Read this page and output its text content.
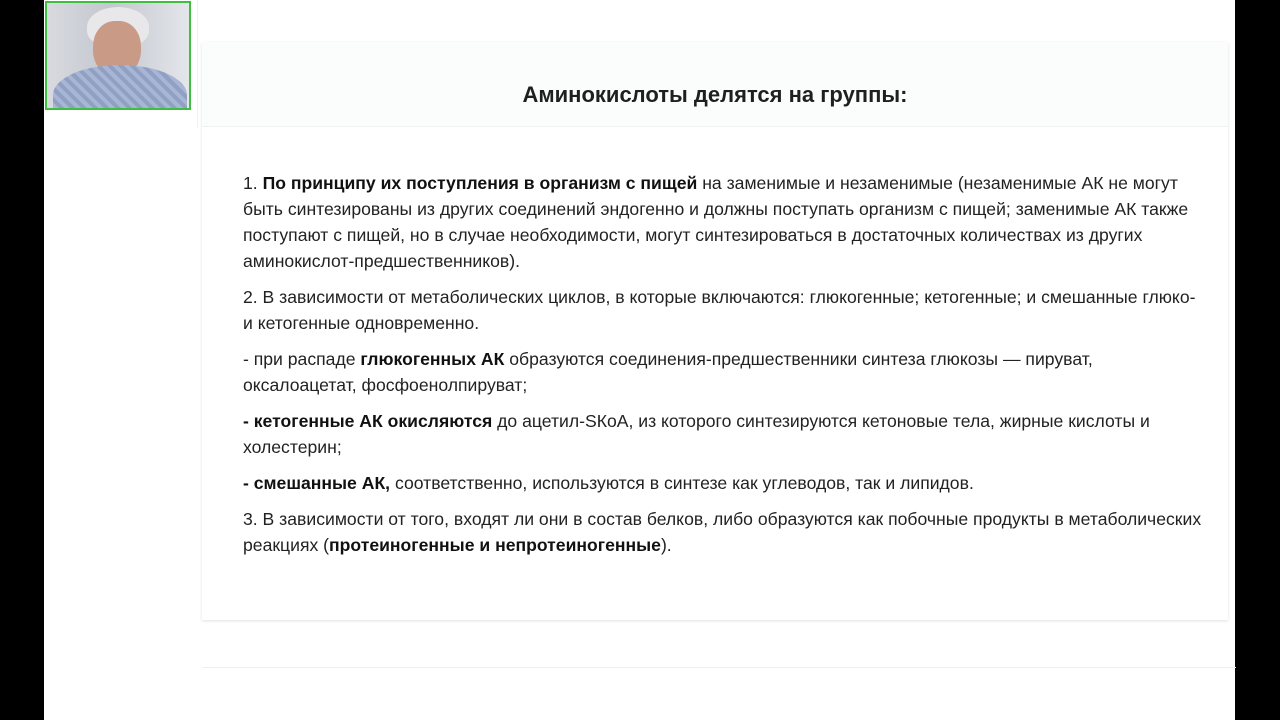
Аминокислоты делятся на группы:

1. По принципу их поступления в организм с пищей на заменимые и незаменимые (незаменимые АК не могут быть синтезированы из других соединений эндогенно и должны поступать организм с пищей; заменимые АК также поступают с пищей, но в случае необходимости, могут синтезироваться в достаточных количествах из других аминокислот-предшественников).

2. В зависимости от метаболических циклов, в которые включаются: глюкогенные; кетогенные; и смешанные глюко- и кетогенные одновременно.

- при распаде глюкогенных АК образуются соединения-предшественники синтеза глюкозы — пируват, оксалоацетат, фосфоенолпируват;

- кетогенные АК окисляются до ацетил-SКоА, из которого синтезируются кетоновые тела, жирные кислоты и холестерин;

- смешанные АК, соответственно, используются в синтезе как углеводов, так и липидов.

3. В зависимости от того, входят ли они в состав белков, либо образуются как побочные продукты в метаболических реакциях (протеиногенные и непротеиногенные).
